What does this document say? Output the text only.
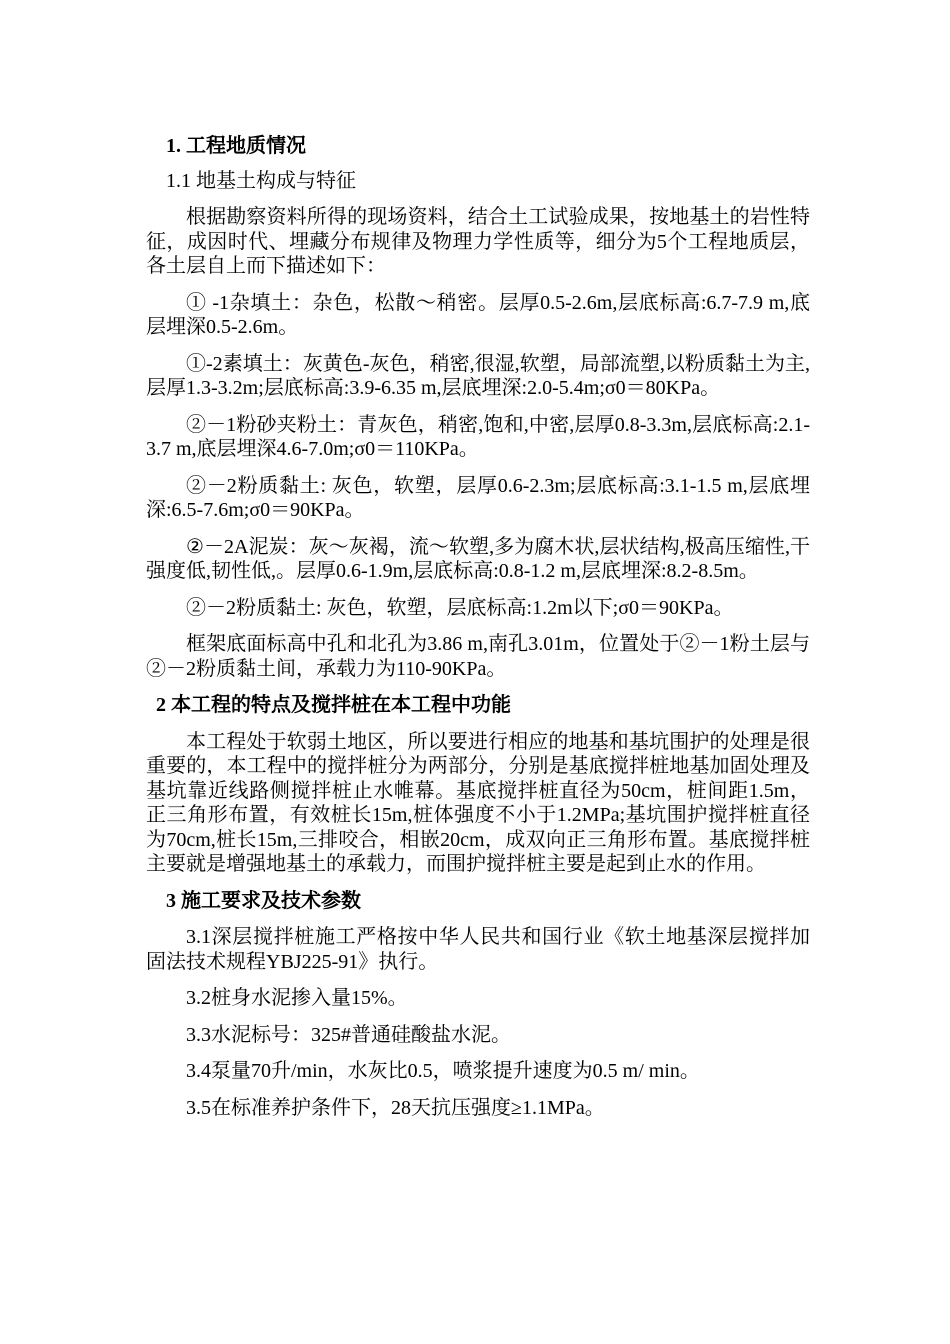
1. 工程地质情况
1.1 地基土构成与特征
根据勘察资料所得的现场资料，结合土工试验成果，按地基土的岩性特征，成因时代、埋藏分布规律及物理力学性质等，细分为5个工程地质层，各土层自上而下描述如下：
① -1杂填土：杂色，松散～稍密。层厚0.5-2.6m,层底标高:6.7-7.9 m,底层埋深0.5-2.6m。
①-2素填土：灰黄色-灰色，稍密,很湿,软塑，局部流塑,以粉质黏土为主, 层厚1.3-3.2m;层底标高:3.9-6.35 m,层底埋深:2.0-5.4m;σ0＝80KPa。
②－1粉砂夹粉土：青灰色，稍密,饱和,中密,层厚0.8-3.3m,层底标高:2.1-3.7 m,底层埋深4.6-7.0m;σ0＝110KPa。
②－2粉质黏土: 灰色，软塑，层厚0.6-2.3m;层底标高:3.1-1.5 m,层底埋深:6.5-7.6m;σ0＝90KPa。
②－2A泥炭：灰～灰褐，流～软塑,多为腐木状,层状结构,极高压缩性,干强度低,韧性低,。层厚0.6-1.9m,层底标高:0.8-1.2 m,层底埋深:8.2-8.5m。
②－2粉质黏土: 灰色，软塑，层底标高:1.2m以下;σ0＝90KPa。
框架底面标高中孔和北孔为3.86 m,南孔3.01m，位置处于②－1粉土层与②－2粉质黏土间，承载力为110-90KPa。
2 本工程的特点及搅拌桩在本工程中功能
本工程处于软弱土地区，所以要进行相应的地基和基坑围护的处理是很重要的，本工程中的搅拌桩分为两部分，分别是基底搅拌桩地基加固处理及基坑靠近线路侧搅拌桩止水帷幕。基底搅拌桩直径为50cm，桩间距1.5m，正三角形布置，有效桩长15m,桩体强度不小于1.2MPa;基坑围护搅拌桩直径为70cm,桩长15m,三排咬合，相嵌20cm，成双向正三角形布置。基底搅拌桩主要就是增强地基土的承载力，而围护搅拌桩主要是起到止水的作用。
3 施工要求及技术参数
3.1深层搅拌桩施工严格按中华人民共和国行业《软土地基深层搅拌加固法技术规程YBJ225-91》执行。
3.2桩身水泥掺入量15%。
3.3水泥标号：325#普通硅酸盐水泥。
3.4泵量70升/min，水灰比0.5，喷浆提升速度为0.5 m/ min。
3.5在标准养护条件下，28天抗压强度≥1.1MPa。
